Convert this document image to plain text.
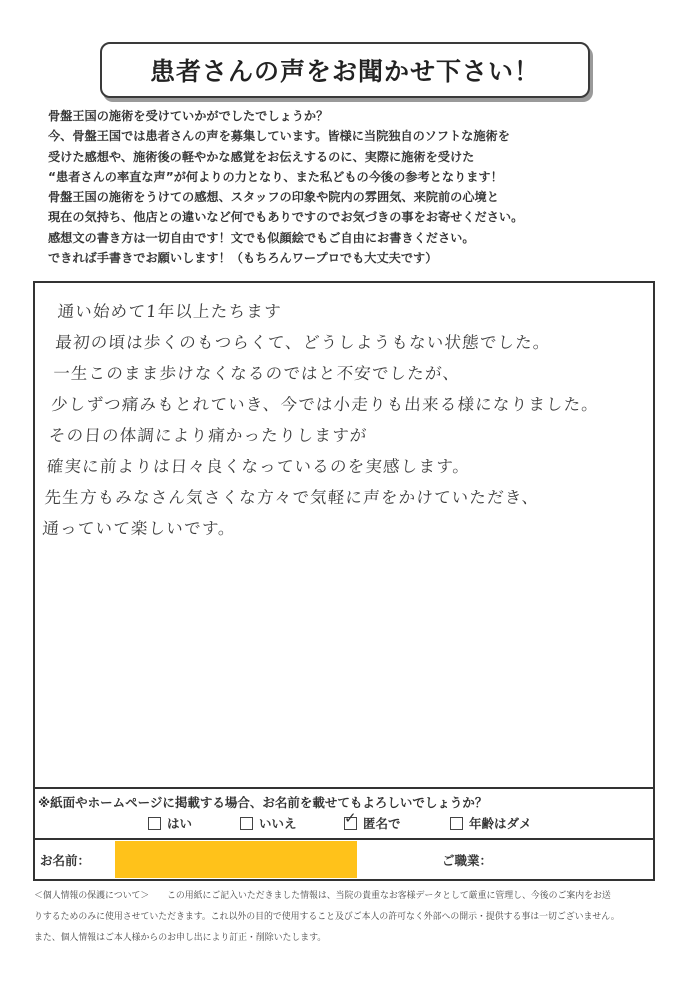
患者さんの声をお聞かせ下さい！
骨盤王国の施術を受けていかがでしたでしょうか？
今、骨盤王国では患者さんの声を募集しています。皆様に当院独自のソフトな施術を
受けた感想や、施術後の軽やかな感覚をお伝えするのに、実際に施術を受けた
“患者さんの率直な声”が何よりの力となり、また私どもの今後の参考となります！
骨盤王国の施術をうけての感想、スタッフの印象や院内の雰囲気、来院前の心境と
現在の気持ち、他店との違いなど何でもありですのでお気づきの事をお寄せください。
感想文の書き方は一切自由です！文でも似顔絵でもご自由にお書きください。
できれば手書きでお願いします！（もちろんワープロでも大丈夫です）
通い始めて1年以上たちます
最初の頃は歩くのもつらくて、どうしようもない状態でした。
一生このまま歩けなくなるのではと不安でしたが、
少しずつ痛みもとれていき、今では小走りも出来る様になりました。
その日の体調により痛かったりしますが
確実に前よりは日々良くなっているのを実感します。
先生方もみなさん気さくな方々で気軽に声をかけていただき、
通っていて楽しいです。
※紙面やホームページに掲載する場合、お名前を載せてもよろしいでしょうか？
はい	いいえ	✓ 匿名で	年齢はダメ
お名前：	ご職業：
＜個人情報の保護について＞　　この用紙にご記入いただきました情報は、当院の貴重なお客様データとして厳重に管理し、今後のご案内をお送
りするためのみに使用させていただきます。これ以外の目的で使用すること及びご本人の許可なく外部への開示・提供する事は一切ございません。
また、個人情報はご本人様からのお申し出により訂正・削除いたします。
